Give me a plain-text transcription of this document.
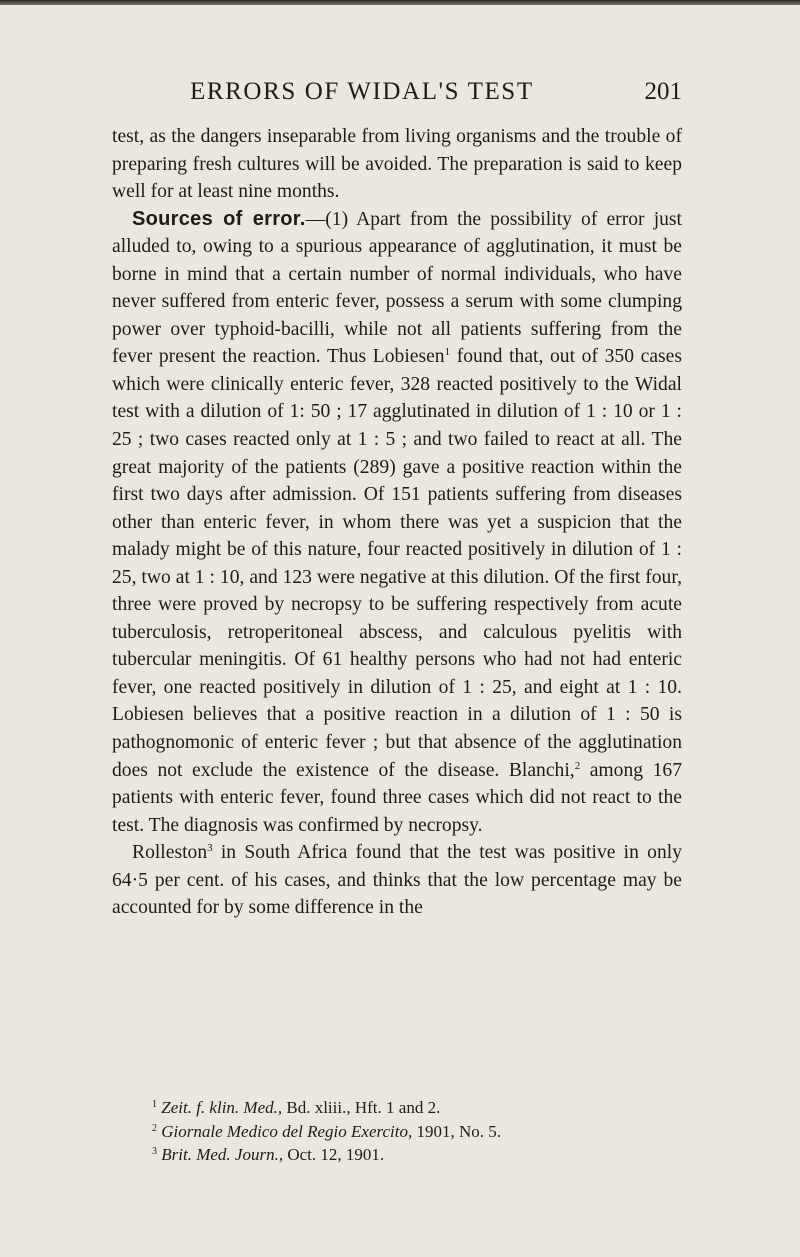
ERRORS OF WIDAL'S TEST	201

test, as the dangers inseparable from living organisms and the trouble of preparing fresh cultures will be avoided. The preparation is said to keep well for at least nine months.

Sources of error.—(1) Apart from the possibility of error just alluded to, owing to a spurious appearance of agglutination, it must be borne in mind that a certain number of normal individuals, who have never suffered from enteric fever, possess a serum with some clumping power over typhoid-bacilli, while not all patients suffering from the fever present the reaction. Thus Lobiesen$^1$ found that, out of 350 cases which were clinically enteric fever, 328 reacted positively to the Widal test with a dilution of 1: 50 ; 17 agglutinated in dilution of 1 : 10 or 1 : 25 ; two cases reacted only at 1 : 5 ; and two failed to react at all. The great majority of the patients (289) gave a positive reaction within the first two days after admission. Of 151 patients suffering from diseases other than enteric fever, in whom there was yet a suspicion that the malady might be of this nature, four reacted positively in dilution of 1 : 25, two at 1 : 10, and 123 were negative at this dilution. Of the first four, three were proved by necropsy to be suffering respectively from acute tuberculosis, retroperitoneal abscess, and calculous pyelitis with tubercular meningitis. Of 61 healthy persons who had not had enteric fever, one reacted positively in dilution of 1 : 25, and eight at 1 : 10. Lobiesen believes that a positive reaction in a dilution of 1 : 50 is pathognomonic of enteric fever ; but that absence of the agglutination does not exclude the existence of the disease. Blanchi,$^2$ among 167 patients with enteric fever, found three cases which did not react to the test. The diagnosis was confirmed by necropsy.

Rolleston$^3$ in South Africa found that the test was positive in only 64·5 per cent. of his cases, and thinks that the low percentage may be accounted for by some difference in the

$^1$ Zeit. f. klin. Med., Bd. xliii., Hft. 1 and 2.

$^2$ Giornale Medico del Regio Exercito, 1901, No. 5.

$^3$ Brit. Med. Journ., Oct. 12, 1901.
